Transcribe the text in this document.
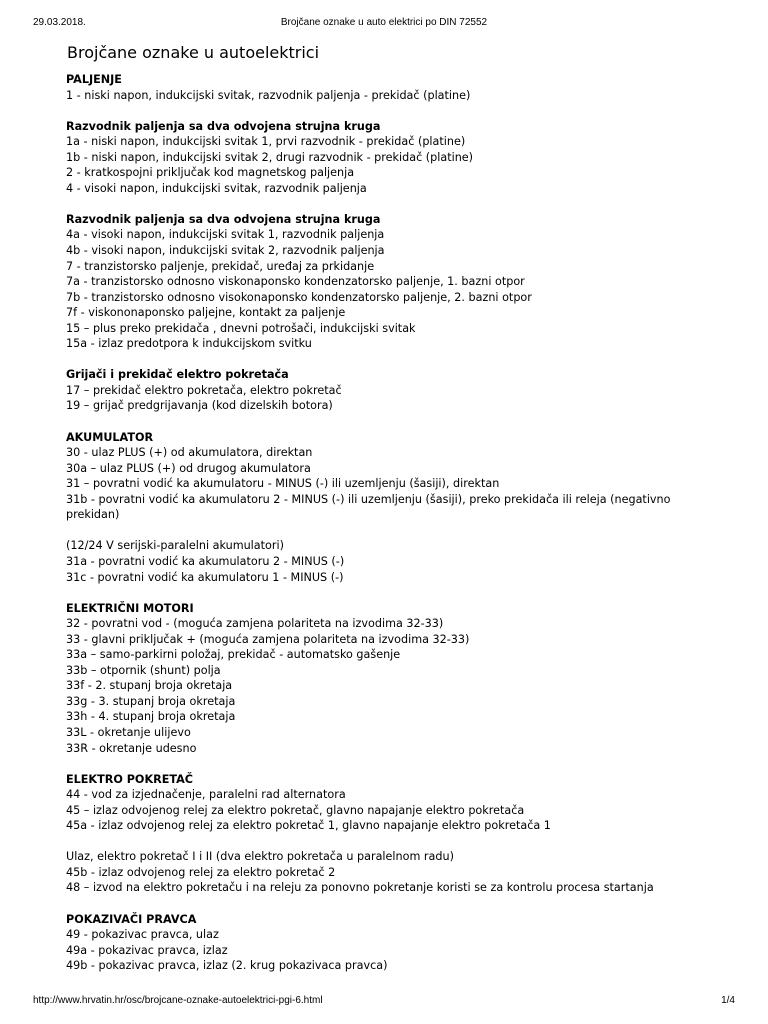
29.03.2018.	Brojčane oznake u auto elektrici po DIN 72552
Brojčane oznake u autoelektrici
PALJENJE
1 - niski napon, indukcijski svitak, razvodnik paljenja - prekidač (platine)
Razvodnik paljenja sa dva odvojena strujna kruga
1a - niski napon, indukcijski svitak 1, prvi razvodnik - prekidač (platine)
1b - niski napon, indukcijski svitak 2, drugi razvodnik - prekidač (platine)
2 - kratkospojni priključak kod magnetskog paljenja
4 - visoki napon, indukcijski svitak, razvodnik paljenja
Razvodnik paljenja sa dva odvojena strujna kruga
4a - visoki napon, indukcijski svitak 1, razvodnik paljenja
4b - visoki napon, indukcijski svitak 2, razvodnik paljenja
7 - tranzistorsko paljenje, prekidač, uređaj za prkidanje
7a - tranzistorsko odnosno viskonaponsko kondenzatorsko paljenje, 1. bazni otpor
7b - tranzistorsko odnosno visokonaponsko kondenzatorsko paljenje, 2. bazni otpor
7f - viskononaponsko paljejne, kontakt za paljenje
15 – plus preko prekidača , dnevni potrošači, indukcijski svitak
15a - izlaz predotpora k indukcijskom svitku
Grijači i prekidač elektro pokretača
17 – prekidač elektro pokretača, elektro pokretač
19 – grijač predgrijavanja (kod dizelskih botora)
AKUMULATOR
30 - ulaz PLUS (+) od akumulatora, direktan
30a – ulaz PLUS (+) od drugog akumulatora
31 – povratni vodić ka akumulatoru - MINUS (-) ili uzemljenju (šasiji), direktan
31b - povratni vodić ka akumulatoru 2 - MINUS (-) ili uzemljenju (šasiji), preko prekidača ili releja (negativno prekidan)
(12/24 V serijski-paralelni akumulatori)
31a - povratni vodić ka akumulatoru 2 - MINUS (-)
31c - povratni vodić ka akumulatoru 1 - MINUS (-)
ELEKTRIČNI MOTORI
32 - povratni vod - (moguća zamjena polariteta na izvodima 32-33)
33 - glavni priključak + (moguća zamjena polariteta na izvodima 32-33)
33a – samo-parkirni položaj, prekidač - automatsko gašenje
33b – otpornik (shunt) polja
33f - 2. stupanj broja okretaja
33g - 3. stupanj broja okretaja
33h - 4. stupanj broja okretaja
33L - okretanje ulijevo
33R - okretanje udesno
ELEKTRO POKRETAČ
44 - vod za izjednačenje, paralelni rad alternatora
45 – izlaz odvojenog relej za elektro pokretač, glavno napajanje elektro pokretača
45a - izlaz odvojenog relej za elektro pokretač 1, glavno napajanje elektro pokretača 1
Ulaz, elektro pokretač I i II (dva elektro pokretača u paralelnom radu)
45b - izlaz odvojenog relej za elektro pokretač 2
48 – izvod na elektro pokretaču i na releju za ponovno pokretanje koristi se za kontrolu procesa startanja
POKAZIVAČI PRAVCA
49 - pokazivac pravca, ulaz
49a - pokazivac pravca, izlaz
49b - pokazivac pravca, izlaz (2. krug pokazivaca pravca)
http://www.hrvatin.hr/osc/brojcane-oznake-autoelektrici-pgi-6.html	1/4
